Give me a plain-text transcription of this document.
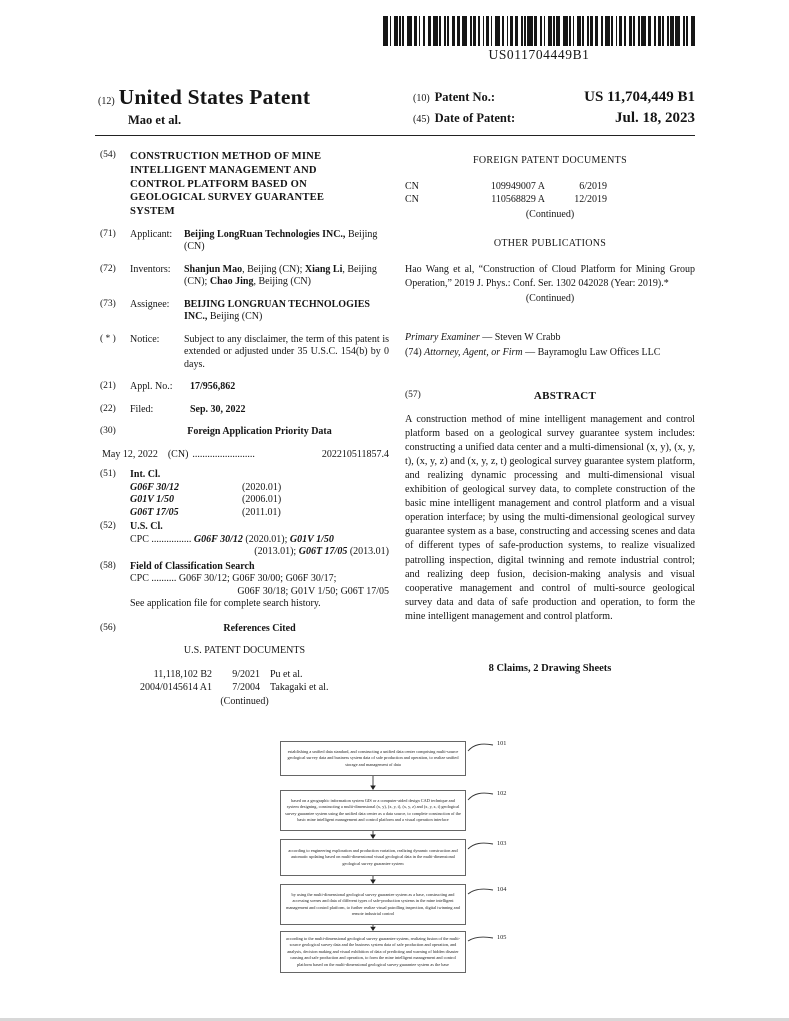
US011704449B1
(12) United States Patent
Mao et al.
(10) Patent No.:	US 11,704,449 B1
(45) Date of Patent:	Jul. 18, 2023
(54)	CONSTRUCTION METHOD OF MINE INTELLIGENT MANAGEMENT AND CONTROL PLATFORM BASED ON GEOLOGICAL SURVEY GUARANTEE SYSTEM
(71)	Applicant:	Beijing LongRuan Technologies INC., Beijing (CN)
(72)	Inventors:	Shanjun Mao, Beijing (CN); Xiang Li, Beijing (CN); Chao Jing, Beijing (CN)
(73)	Assignee:	BEIJING LONGRUAN TECHNOLOGIES INC., Beijing (CN)
( * )	Notice:	Subject to any disclaimer, the term of this patent is extended or adjusted under 35 U.S.C. 154(b) by 0 days.
(21)	Appl. No.:	17/956,862
(22)	Filed:	Sep. 30, 2022
(30)	Foreign Application Priority Data
May 12, 2022 (CN) .........................	202210511857.4
(51)	Int. Cl.
G06F 30/12	(2020.01)
G01V 1/50	(2006.01)
G06T 17/05	(2011.01)
(52)	U.S. Cl.
CPC ................ G06F 30/12 (2020.01); G01V 1/50
(2013.01); G06T 17/05 (2013.01)
(58)	Field of Classification Search
CPC .......... G06F 30/12; G06F 30/00; G06F 30/17;
G06F 30/18; G01V 1/50; G06T 17/05
See application file for complete search history.
(56)	References Cited
U.S. PATENT DOCUMENTS
11,118,102 B2	9/2021	Pu et al.
2004/0145614 A1	7/2004	Takagaki et al.
(Continued)
FOREIGN PATENT DOCUMENTS
CN	109949007 A	6/2019
CN	110568829 A	12/2019
(Continued)
OTHER PUBLICATIONS
Hao Wang et al, “Construction of Cloud Platform for Mining Group Operation,” 2019 J. Phys.: Conf. Ser. 1302 042028 (Year: 2019).*
(Continued)
Primary Examiner — Steven W Crabb
(74) Attorney, Agent, or Firm — Bayramoglu Law Offices LLC
(57)	ABSTRACT
A construction method of mine intelligent management and control platform based on a geological survey guarantee system includes: constructing a unified data center and a multi-dimensional (x, y), (x, y, t), (x, y, z) and (x, y, z, t) geological survey guarantee system platform, and realizing dynamic processing and multi-dimensional visual exhibition of geological survey data, to complete construction of the basic mine intelligent management and control platform and a visual operation interface; by using the multi-dimensional geological survey guarantee system as a base, constructing and accessing scenes and data of different types of safe-production systems, to realize visualized patrolling inspection, digital twinning and remote industrial control; and realizing deep fusion, decision-making analysis and visual cooperative management and control of multi-source geological survey data and data of safe production and operation, to form the mine intelligent management and control platform.
8 Claims, 2 Drawing Sheets
establishing a unified data standard, and constructing a unified data center comprising multi-source geological survey data and business system data of safe production and operation, to realize unified storage and management of data
based on a geographic information system GIS or a computer-aided design CAD technique and system designing, constructing a multi-dimensional (x, y), (x, y, t), (x, y, z) and (x, y, z, t) geological survey guarantee system using the unified data center as a data source, to complete construction of the basic mine intelligent management and control platform and a visual operation interface
according to engineering exploration and production variation, realizing dynamic construction and automatic updating based on multi-dimensional visual geological data in the multi-dimensional geological survey guarantee system
by using the multi-dimensional geological survey guarantee system as a base, constructing and accessing scenes and data of different types of safe-production systems in the mine intelligent management and control platform, to further realize visual patrolling inspection, digital twinning and remote industrial control
according to the multi-dimensional geological survey guarantee system, realizing fusion of the multi-source geological survey data and the business system data of safe production and operation, and analysis, decision making and visual exhibition of data of predicting and warning of hidden disaster causing and safe production and operation, to form the mine intelligent management and control platform based on the multi-dimensional geological survey guarantee system as the base
101
102
103
104
105
